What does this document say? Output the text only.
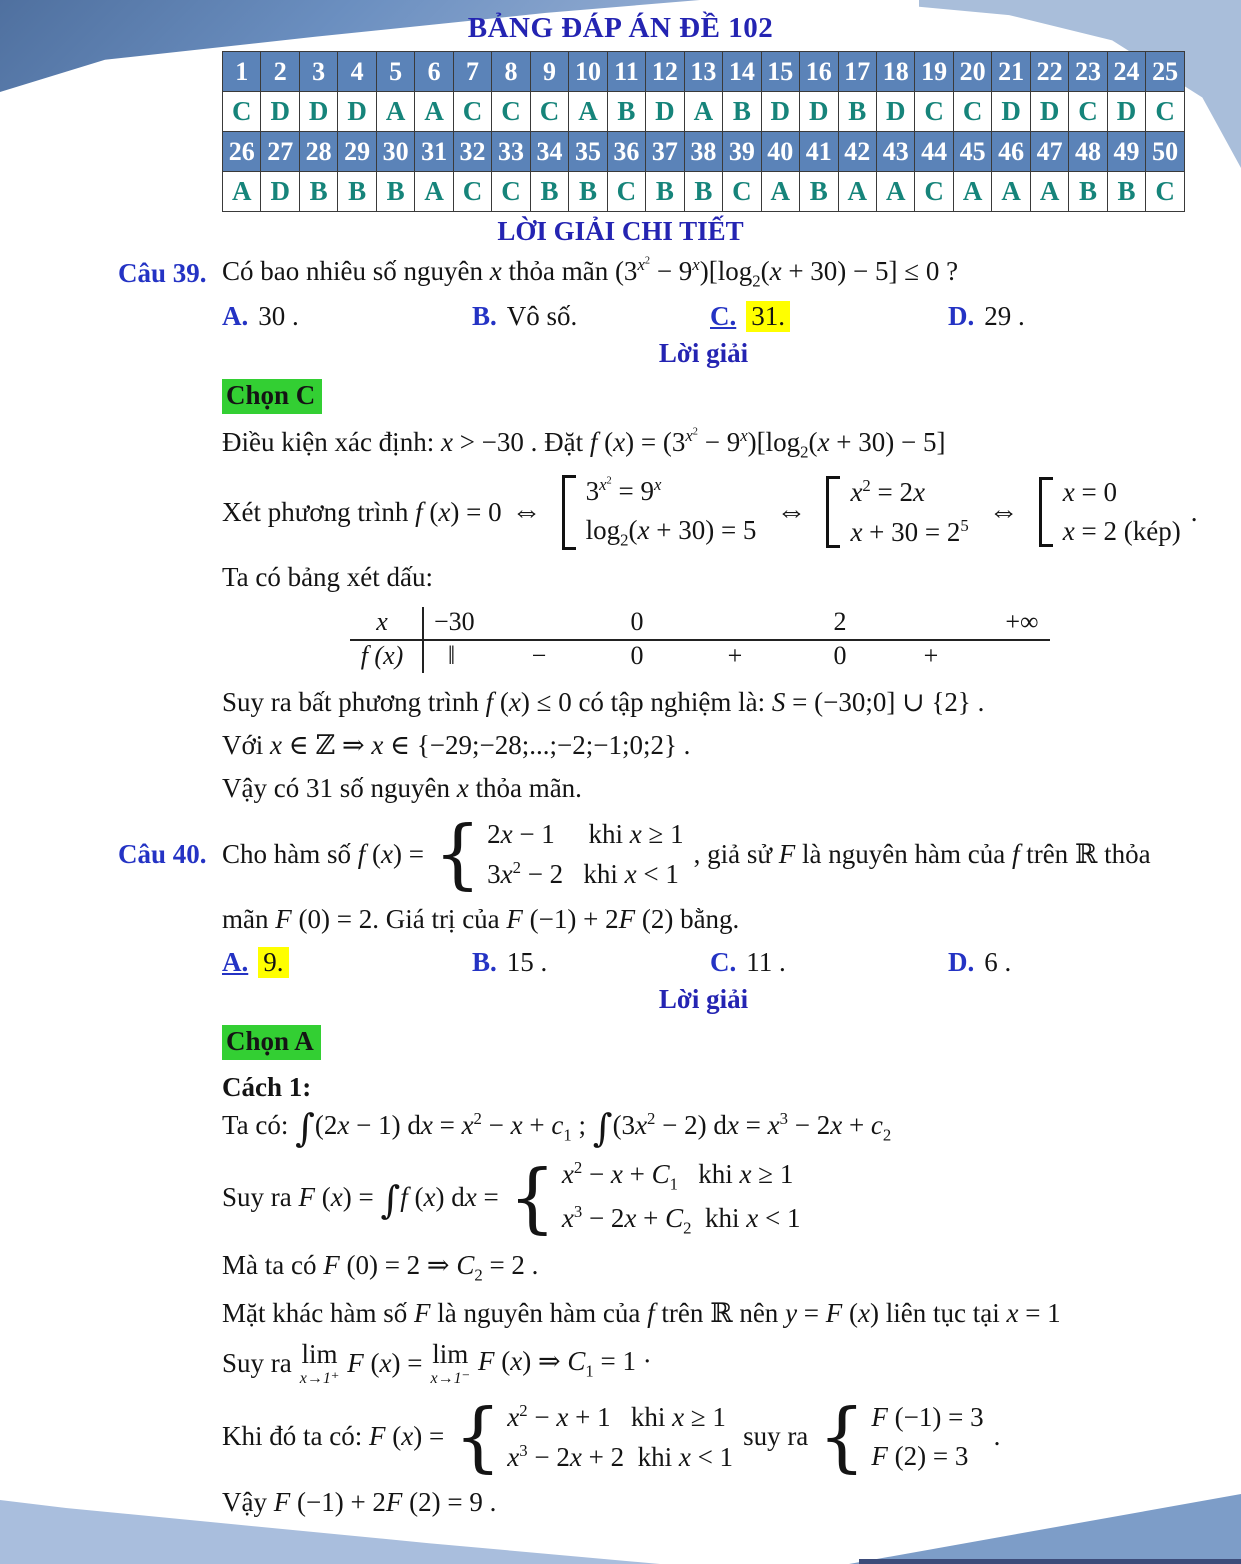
BẢNG ĐÁP ÁN ĐỀ 102
1	2	3	4	5	6	7	8	9	10	11	12	13	14	15	16	17	18	19	20	21	22	23	24	25
C	D	D	D	A	A	C	C	C	A	B	D	A	B	D	D	B	D	C	C	D	D	C	D	C
26	27	28	29	30	31	32	33	34	35	36	37	38	39	40	41	42	43	44	45	46	47	48	49	50
A	D	B	B	B	A	C	C	B	B	C	B	B	C	A	B	A	A	C	A	A	A	B	B	C
LỜI GIẢI CHI TIẾT
Câu 39. Có bao nhiêu số nguyên x thỏa mãn $(3^{x^2} - 9^x)[\log_2(x + 30) - 5] \le 0$ ?
A. 30 .	B. Vô số.	C. 31.	D. 29 .
Lời giải
Chọn C
Điều kiện xác định: x > −30 . Đặt f $(x) = (3^{x^2} - 9^x)[\log_2(x + 30) - 5]$
Xét phương trình f (x) = 0 ⇔
$3^{x^2} = 9^x$
$\log_2(x + 30) = 5$
⇔
$x^2 = 2x$
$x + 30 = 2^5$ ⇔
x = 0
x = 2 (kép)
.
Ta có bảng xét dấu:
x	−30	0	2	+∞
f (x)	‖	−	0	+	0	+
Suy ra bất phương trình f (x) ≤ 0 có tập nghiệm là: S = (−30;0] ∪ {2} .
Với x ∈ ℤ ⇒ x ∈ {−29;−28;...;−2;−1;0;2} .
Vậy có 31 số nguyên x thỏa mãn.
Câu 40. Cho hàm số f (x) = { 2x − 1     khi x ≥ 1
$3x^2 - 2$   khi x < 1
, giả sử F là nguyên hàm của f trên ℝ thỏa
mãn F (0) = 2. Giá trị của F (−1) + 2F (2) bằng.
A. 9.	B. 15 .	C. 11 .	D. 6 .
Lời giải
Chọn A
Cách 1:
Ta có: ∫(2x − 1) dx = $x^2 - x + c_1$ ; $\int(3x^2 - 2)$ dx = $x^3 - 2x + c_2$
Suy ra F (x) = ∫f (x) dx = { $x^2 - x + C_1$   khi x ≥ 1
$x^3 - 2x + C_2$  khi x < 1
Mà ta có F (0) = 2 ⇒ $C_2 = 2$ .
Mặt khác hàm số F là nguyên hàm của f trên ℝ nên y = F (x) liên tục tại x = 1
Suy ra lim
x→1⁺ F (x) = lim
x→1⁻
F (x) ⇒ $C_1 = 1$ ·
Khi đó ta có: F (x) = { $x^2 - x + 1$   khi x ≥ 1
$x^3 - 2x + 2$  khi x < 1
suy ra { F (−1) = 3
F (2) = 3
.
Vậy F (−1) + 2F (2) = 9 .
